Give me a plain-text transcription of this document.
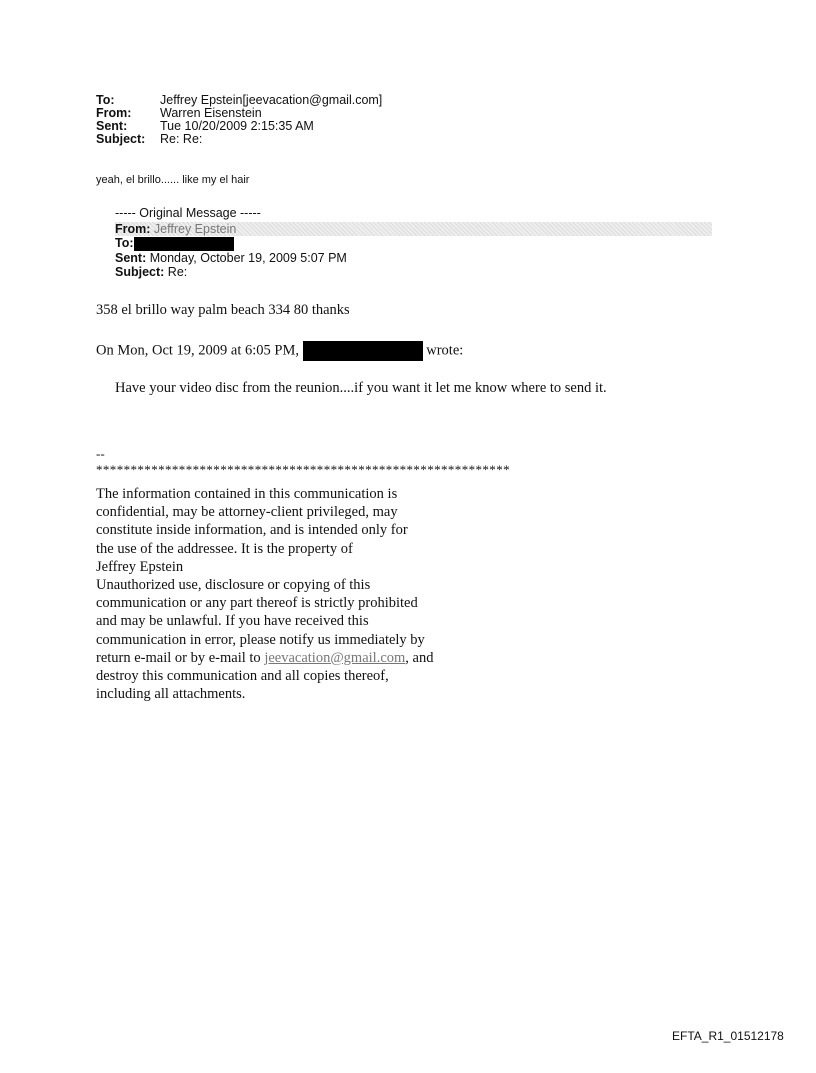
To:	Jeffrey Epstein[jeevacation@gmail.com]
From: Warren Eisenstein
Sent:	Tue 10/20/2009 2:15:35 AM
Subject: Re: Re:
yeah, el brillo...... like my el hair
----- Original Message -----
From: Jeffrey Epstein
To:
Sent: Monday, October 19, 2009 5:07 PM
Subject: Re:
358 el brillo way palm beach 334 80 thanks
On Mon, Oct 19, 2009 at 6:05 PM,	wrote:
Have your video disc from the reunion....if you want it let me know where to send it.
--
************************************************************
The information contained in this communication is
confidential, may be attorney-client privileged, may
constitute inside information, and is intended only for
the use of the addressee. It is the property of
Jeffrey Epstein
Unauthorized use, disclosure or copying of this
communication or any part thereof is strictly prohibited
and may be unlawful. If you have received this
communication in error, please notify us immediately by
return e-mail or by e-mail to jeevacation@gmail.com, and
destroy this communication and all copies thereof,
including all attachments.
EFTA_R1_01512178
